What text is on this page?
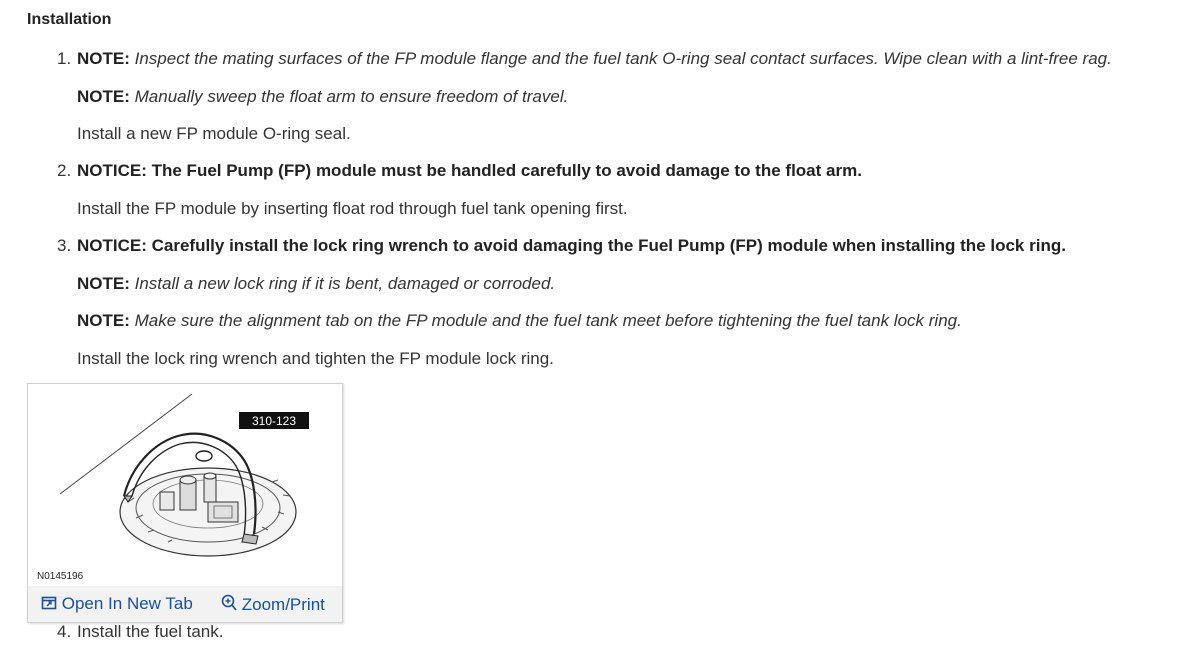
Installation
1. NOTE: Inspect the mating surfaces of the FP module flange and the fuel tank O-ring seal contact surfaces. Wipe clean with a lint-free rag.
NOTE: Manually sweep the float arm to ensure freedom of travel.
Install a new FP module O-ring seal.
2. NOTICE: The Fuel Pump (FP) module must be handled carefully to avoid damage to the float arm.
Install the FP module by inserting float rod through fuel tank opening first.
3. NOTICE: Carefully install the lock ring wrench to avoid damaging the Fuel Pump (FP) module when installing the lock ring.
NOTE: Install a new lock ring if it is bent, damaged or corroded.
NOTE: Make sure the alignment tab on the FP module and the fuel tank meet before tightening the fuel tank lock ring.
Install the lock ring wrench and tighten the FP module lock ring.
310-123
N0145196
Open In New Tab	Zoom/Print
4. Install the fuel tank.
